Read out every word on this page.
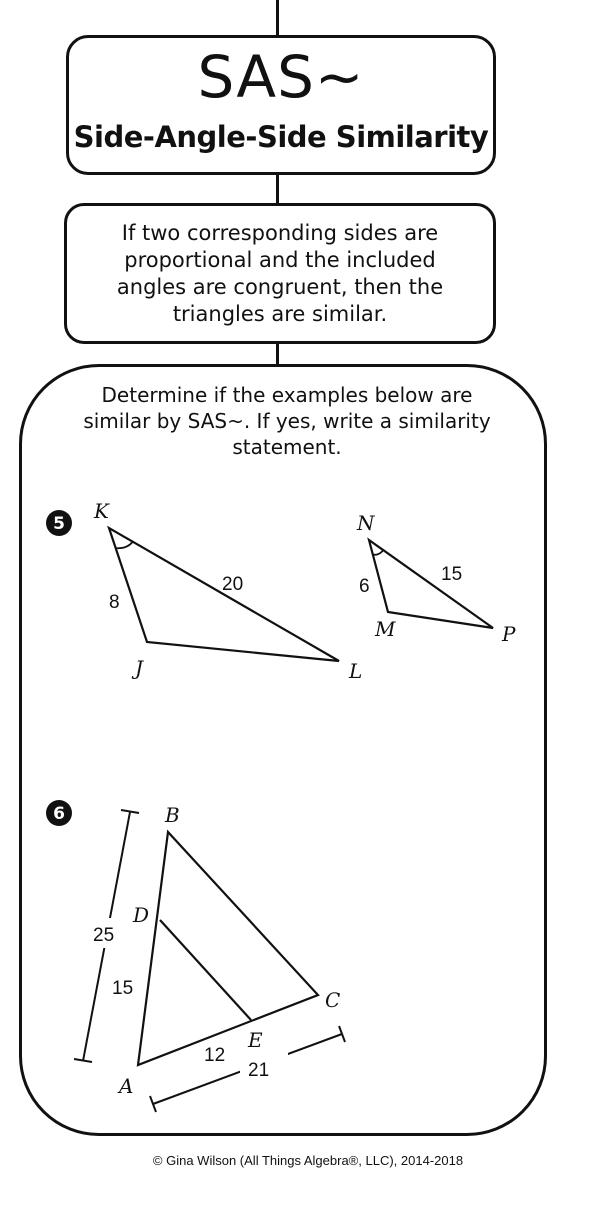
SAS~
Side-Angle-Side Similarity
If two corresponding sides are proportional and the included angles are congruent, then the triangles are similar.
Determine if the examples below are similar by SAS~. If yes, write a similarity statement.
5
K
J	L
8
20
N
M	P
6
15
6	B
D
A
E
C
25
15
21
12
© Gina Wilson (All Things Algebra®, LLC), 2014-2018
